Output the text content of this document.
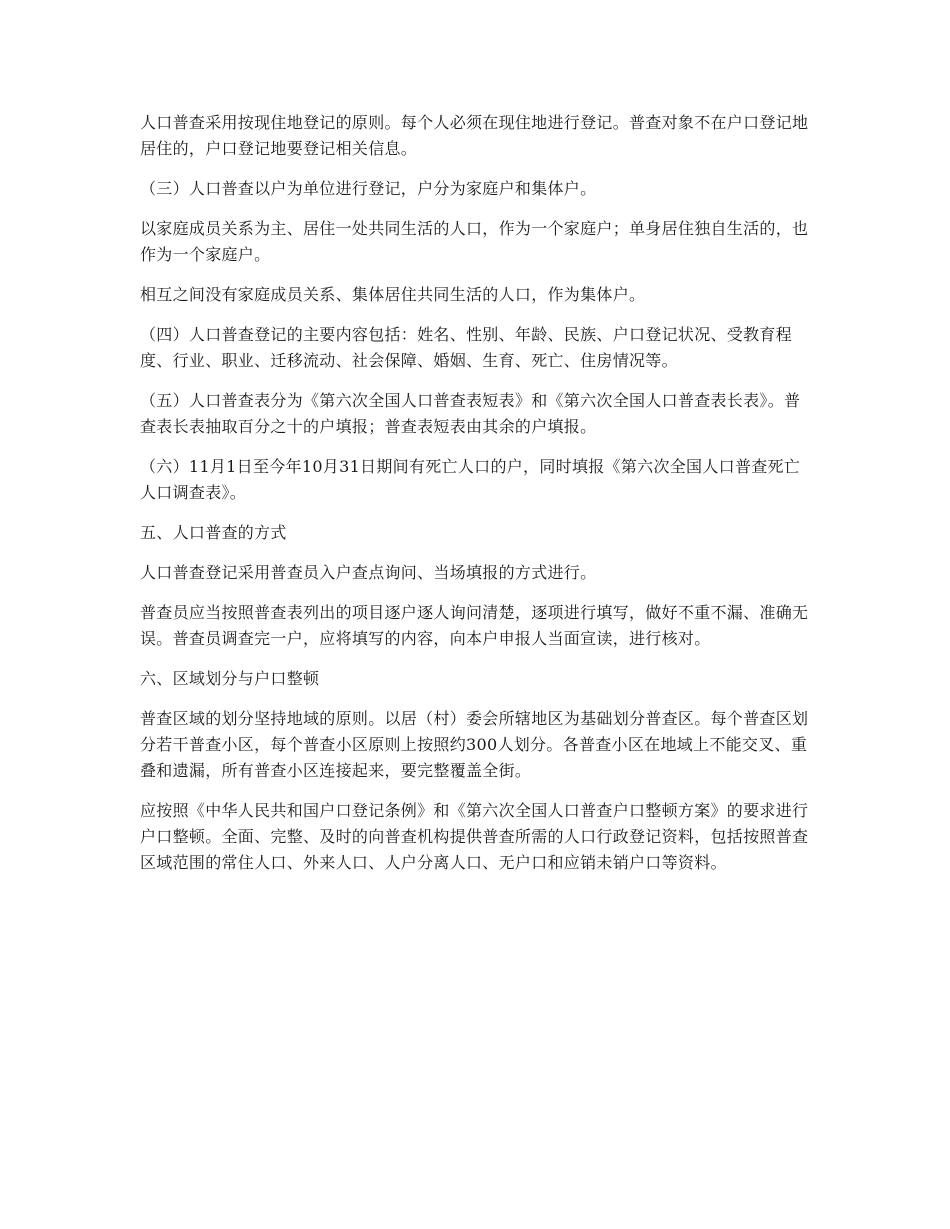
人口普查采用按现住地登记的原则。每个人必须在现住地进行登记。普查对象不在户口登记地居住的，户口登记地要登记相关信息。

（三）人口普查以户为单位进行登记，户分为家庭户和集体户。

以家庭成员关系为主、居住一处共同生活的人口，作为一个家庭户；单身居住独自生活的，也作为一个家庭户。

相互之间没有家庭成员关系、集体居住共同生活的人口，作为集体户。

（四）人口普查登记的主要内容包括：姓名、性别、年龄、民族、户口登记状况、受教育程度、行业、职业、迁移流动、社会保障、婚姻、生育、死亡、住房情况等。

（五）人口普查表分为《第六次全国人口普查表短表》和《第六次全国人口普查表长表》。普查表长表抽取百分之十的户填报；普查表短表由其余的户填报。

（六）11月1日至今年10月31日期间有死亡人口的户，同时填报《第六次全国人口普查死亡人口调查表》。

五、人口普查的方式

人口普查登记采用普查员入户查点询问、当场填报的方式进行。

普查员应当按照普查表列出的项目逐户逐人询问清楚，逐项进行填写，做好不重不漏、准确无误。普查员调查完一户，应将填写的内容，向本户申报人当面宣读，进行核对。

六、区域划分与户口整顿

普查区域的划分坚持地域的原则。以居（村）委会所辖地区为基础划分普查区。每个普查区划分若干普查小区，每个普查小区原则上按照约300人划分。各普查小区在地域上不能交叉、重叠和遗漏，所有普查小区连接起来，要完整覆盖全街。

应按照《中华人民共和国户口登记条例》和《第六次全国人口普查户口整顿方案》的要求进行户口整顿。全面、完整、及时的向普查机构提供普查所需的人口行政登记资料，包括按照普查区域范围的常住人口、外来人口、人户分离人口、无户口和应销未销户口等资料。
